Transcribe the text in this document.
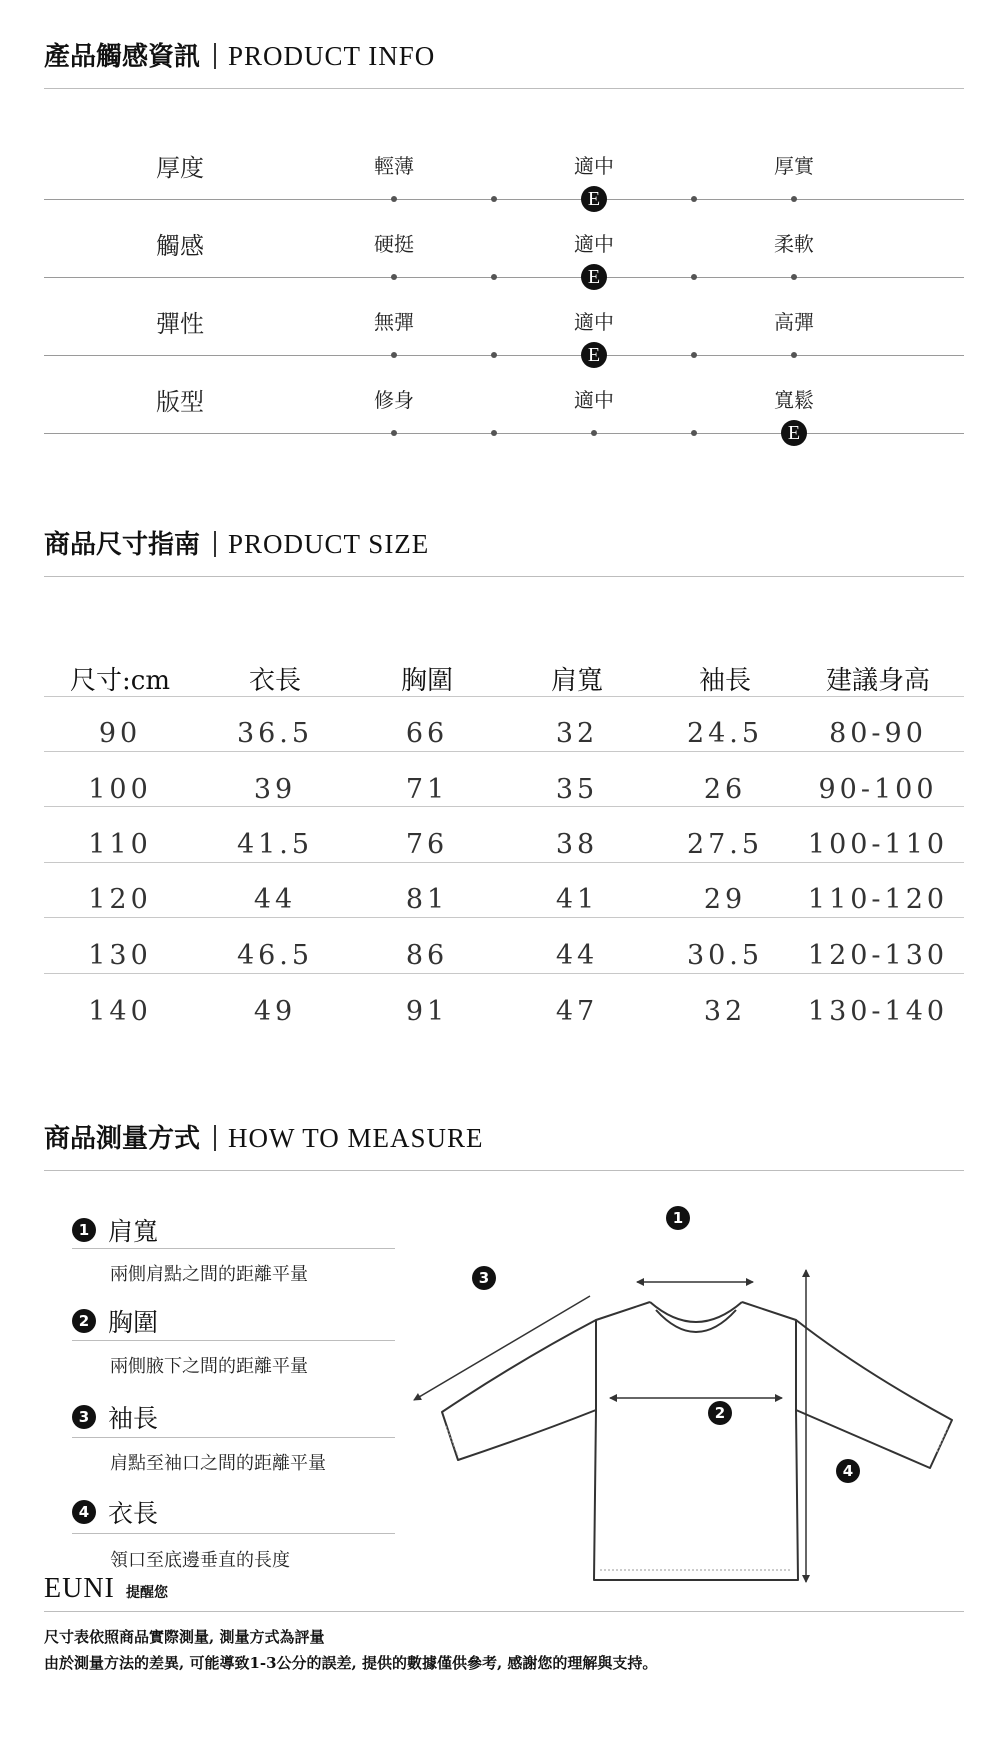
產品觸感資訊 PRODUCT INFO
厚度	輕薄	適中	厚實
E
觸感	硬挺	適中	柔軟
E
彈性	無彈	適中	高彈
E
版型	修身	適中	寬鬆
E
商品尺寸指南 PRODUCT SIZE
尺寸:cm	衣長	胸圍	肩寬	袖長	建議身高
90	36.5	66	32	24.5	80-90
100	39	71	35	26	90-100
110	41.5	76	38	27.5	100-110
120	44	81	41	29	110-120
130	46.5	86	44	30.5	120-130
140	49	91	47	32	130-140
商品測量方式 HOW TO MEASURE
1 肩寬
兩側肩點之間的距離平量
2 胸圍
兩側腋下之間的距離平量
3 袖長
肩點至袖口之間的距離平量
4 衣長
領口至底邊垂直的長度
1
2
3
4
EUNI 提醒您
尺寸表依照商品實際測量, 測量方式為評量
由於測量方法的差異, 可能導致1-3公分的誤差, 提供的數據僅供參考, 感謝您的理解與支持。
